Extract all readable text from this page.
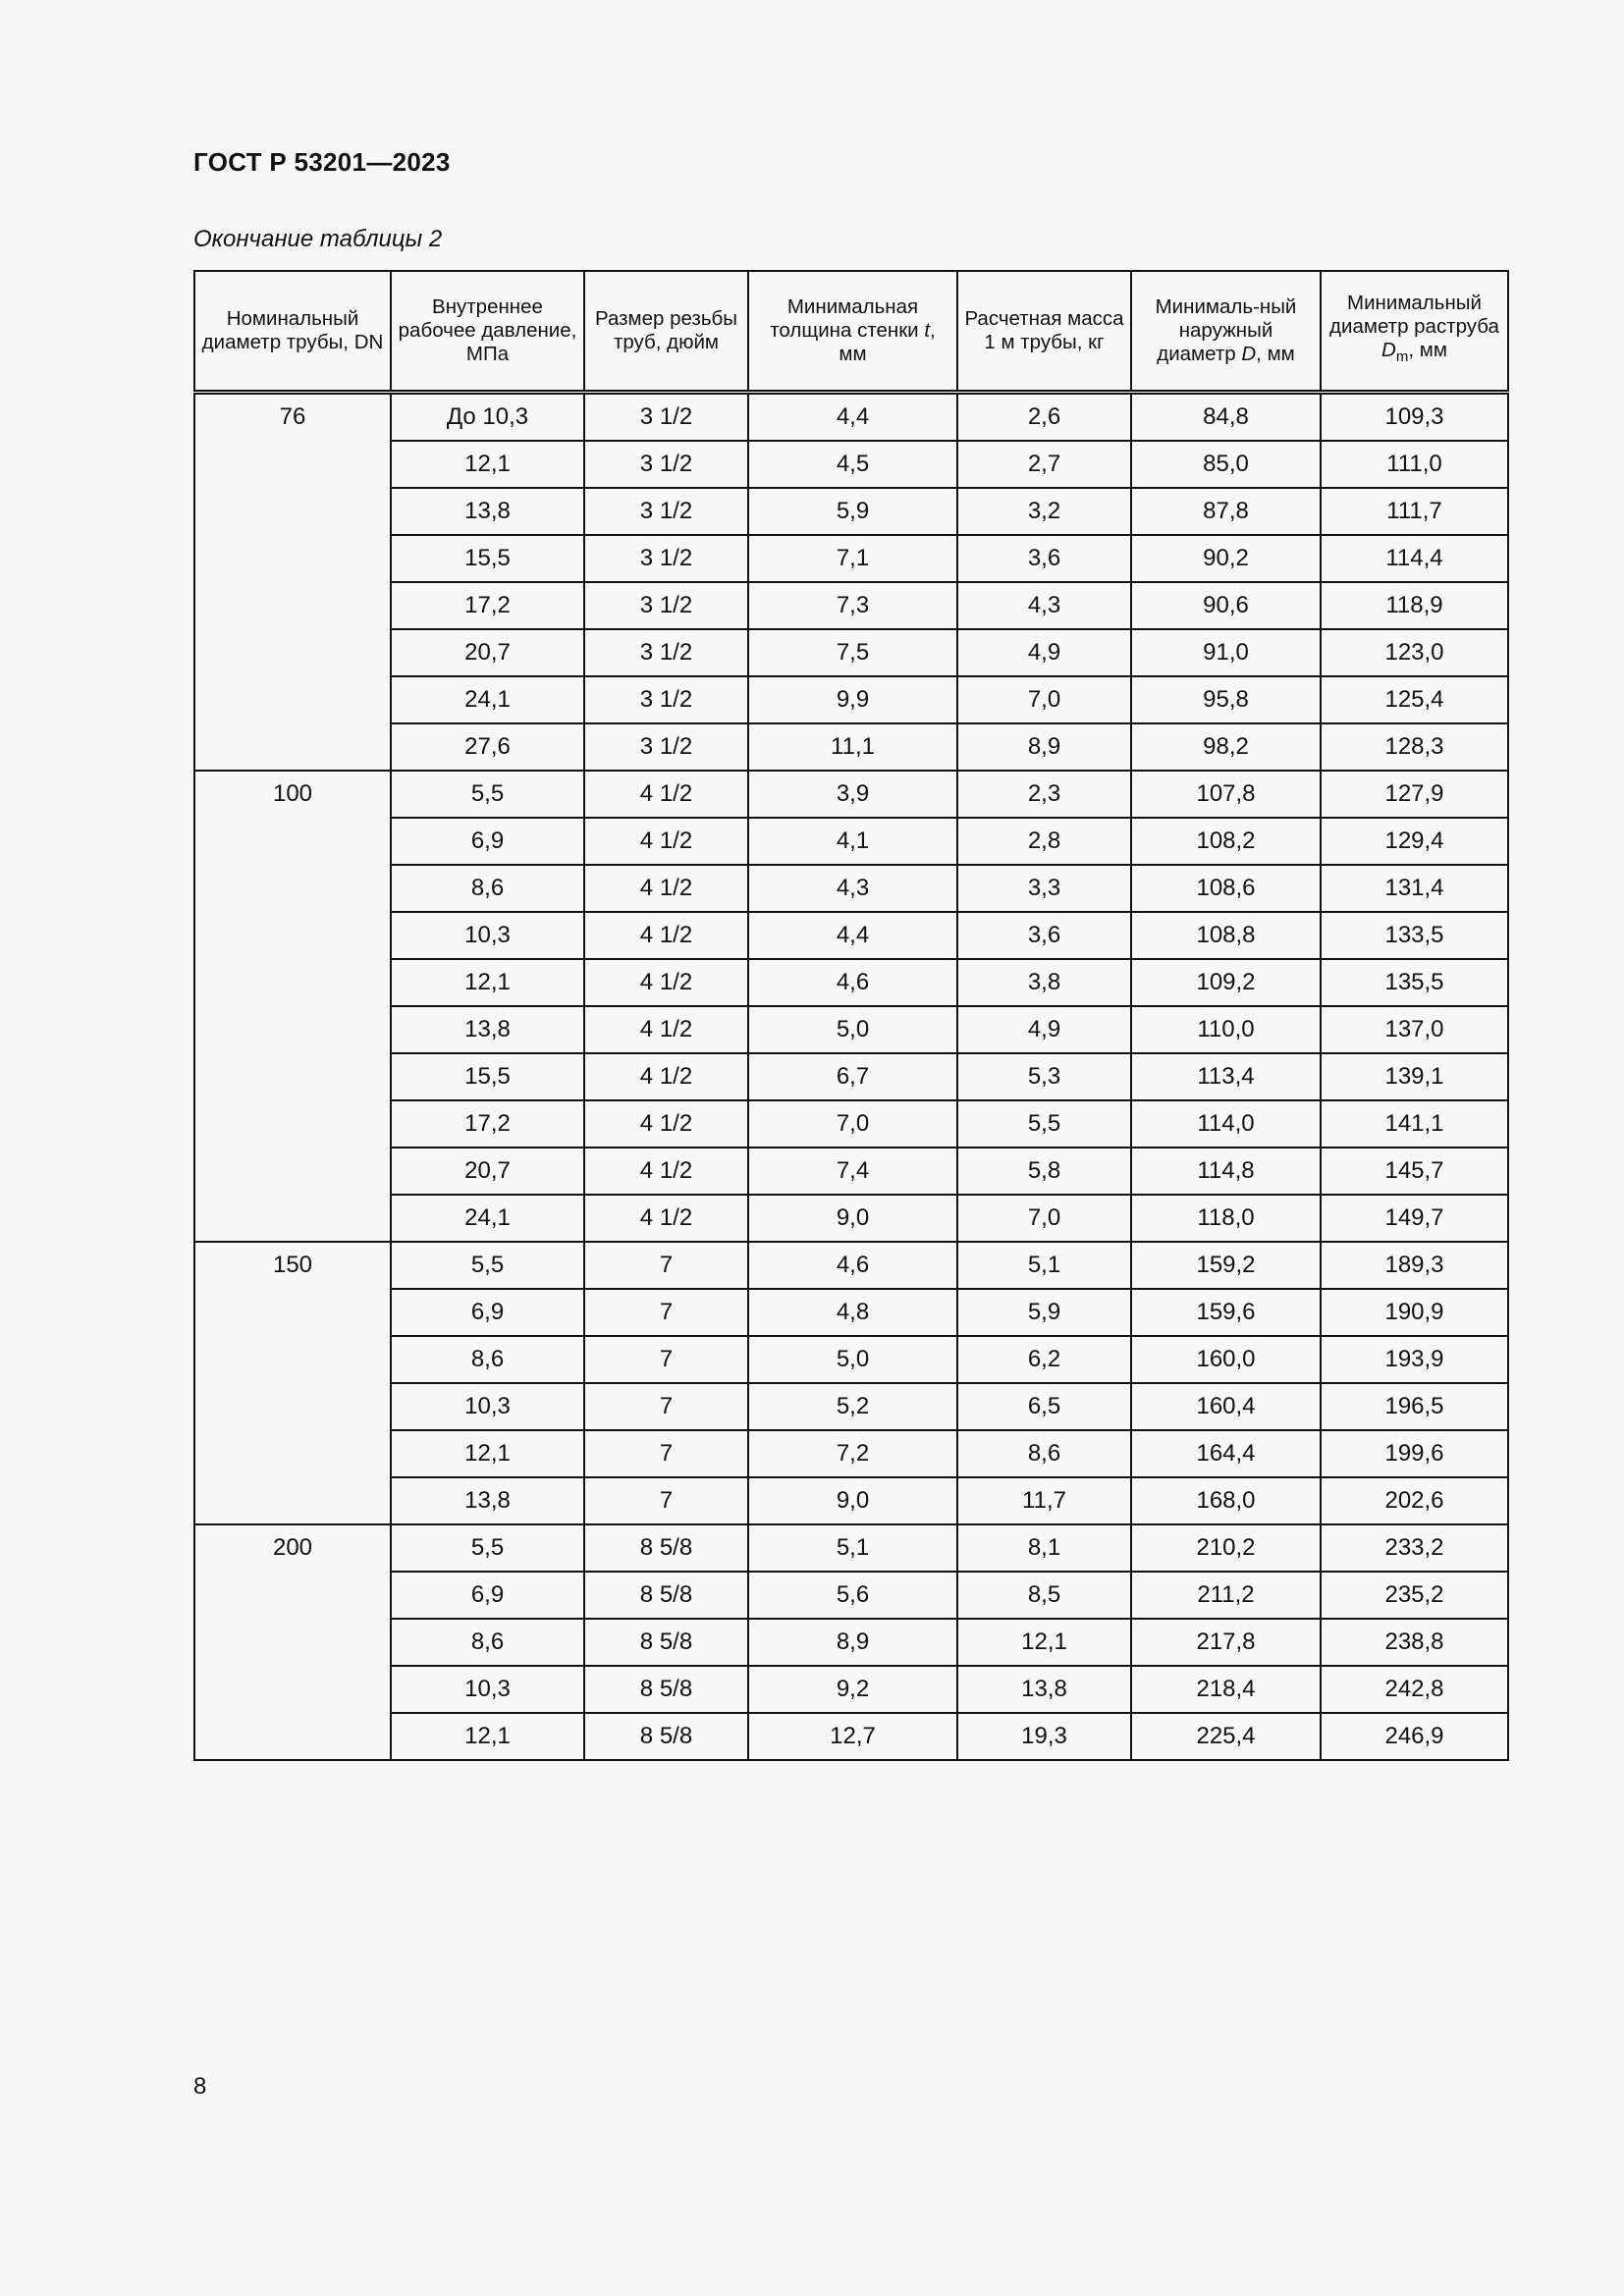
ГОСТ Р 53201—2023
Окончание таблицы 2
Номинальный диаметр трубы, DN	Внутреннее рабочее давление, МПа	Размер резьбы труб, дюйм	Минимальная толщина стенки t, мм	Расчетная масса 1 м трубы, кг	Минималь-ный наружный диаметр D, мм	Минимальный диаметр раструба $D_m$, мм
76	До 10,3	3 1/2	4,4	2,6	84,8	109,3
	12,1	3 1/2	4,5	2,7	85,0	111,0
	13,8	3 1/2	5,9	3,2	87,8	111,7
	15,5	3 1/2	7,1	3,6	90,2	114,4
	17,2	3 1/2	7,3	4,3	90,6	118,9
	20,7	3 1/2	7,5	4,9	91,0	123,0
	24,1	3 1/2	9,9	7,0	95,8	125,4
	27,6	3 1/2	11,1	8,9	98,2	128,3
100	5,5	4 1/2	3,9	2,3	107,8	127,9
	6,9	4 1/2	4,1	2,8	108,2	129,4
	8,6	4 1/2	4,3	3,3	108,6	131,4
	10,3	4 1/2	4,4	3,6	108,8	133,5
	12,1	4 1/2	4,6	3,8	109,2	135,5
	13,8	4 1/2	5,0	4,9	110,0	137,0
	15,5	4 1/2	6,7	5,3	113,4	139,1
	17,2	4 1/2	7,0	5,5	114,0	141,1
	20,7	4 1/2	7,4	5,8	114,8	145,7
	24,1	4 1/2	9,0	7,0	118,0	149,7
150	5,5	7	4,6	5,1	159,2	189,3
	6,9	7	4,8	5,9	159,6	190,9
	8,6	7	5,0	6,2	160,0	193,9
	10,3	7	5,2	6,5	160,4	196,5
	12,1	7	7,2	8,6	164,4	199,6
	13,8	7	9,0	11,7	168,0	202,6
200	5,5	8 5/8	5,1	8,1	210,2	233,2
	6,9	8 5/8	5,6	8,5	211,2	235,2
	8,6	8 5/8	8,9	12,1	217,8	238,8
	10,3	8 5/8	9,2	13,8	218,4	242,8
	12,1	8 5/8	12,7	19,3	225,4	246,9
8
